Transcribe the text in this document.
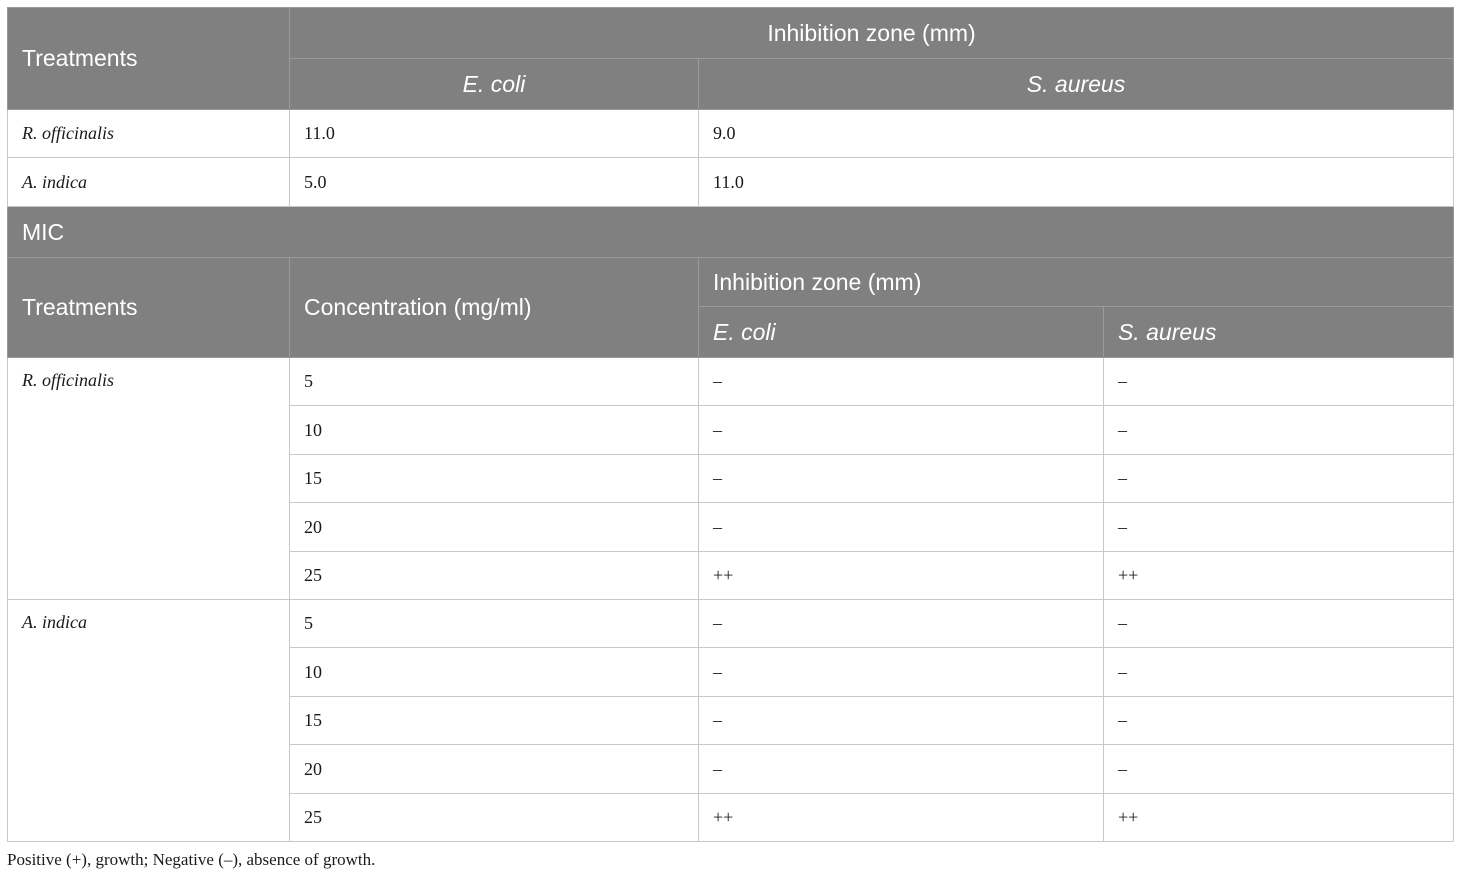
Treatments	Inhibition zone (mm)		
	E. coli	S. aureus	
R. officinalis	11.0	9.0	
A. indica	5.0	11.0	
MIC			
Treatments	Concentration (mg/ml)	Inhibition zone (mm)	
		E. coli	S. aureus
R. officinalis	5	–	–
	10	–	–
	15	–	–
	20	–	–
	25	++	++
A. indica	5	–	–
	10	–	–
	15	–	–
	20	–	–
	25	++	++
Positive (+), growth; Negative (–), absence of growth.
